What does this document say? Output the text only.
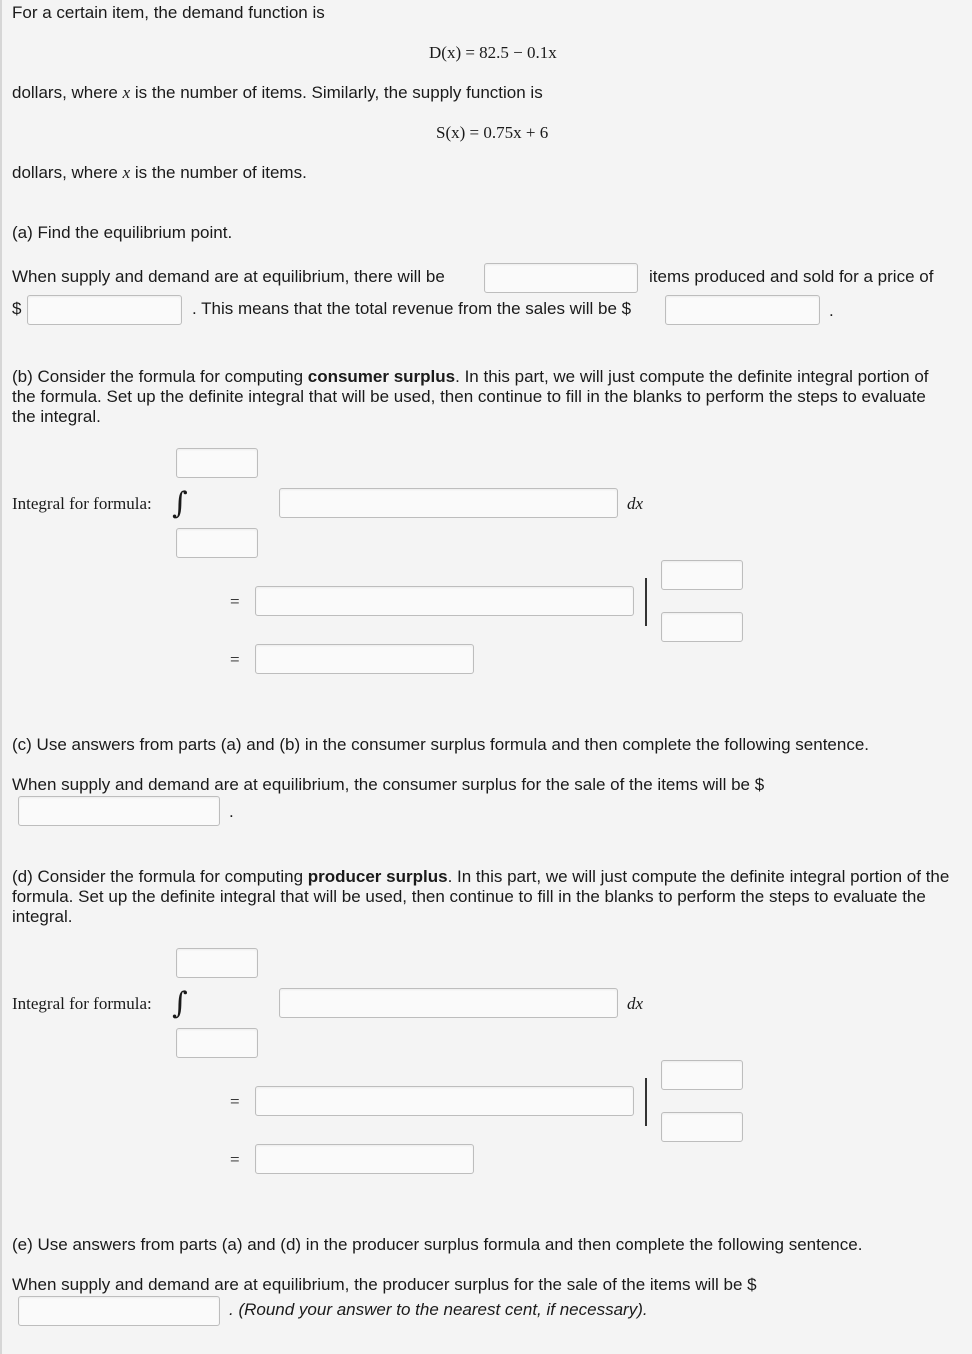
For a certain item, the demand function is
D(x) = 82.5 − 0.1x
dollars, where x is the number of items. Similarly, the supply function is
S(x) = 0.75x + 6
dollars, where x is the number of items.
(a) Find the equilibrium point.
When supply and demand are at equilibrium, there will be	items produced and sold for a price of
$	. This means that the total revenue from the sales will be $	.
(b) Consider the formula for computing consumer surplus. In this part, we will just compute the definite integral portion of the formula. Set up the definite integral that will be used, then continue to fill in the blanks to perform the steps to evaluate the integral.
Integral for formula: ∫	dx
=
=
(c) Use answers from parts (a) and (b) in the consumer surplus formula and then complete the following sentence.
When supply and demand are at equilibrium, the consumer surplus for the sale of the items will be $
.
(d) Consider the formula for computing producer surplus. In this part, we will just compute the definite integral portion of the formula. Set up the definite integral that will be used, then continue to fill in the blanks to perform the steps to evaluate the integral.
Integral for formula: ∫	dx
=
=
(e) Use answers from parts (a) and (d) in the producer surplus formula and then complete the following sentence.
When supply and demand are at equilibrium, the producer surplus for the sale of the items will be $
. (Round your answer to the nearest cent, if necessary).
